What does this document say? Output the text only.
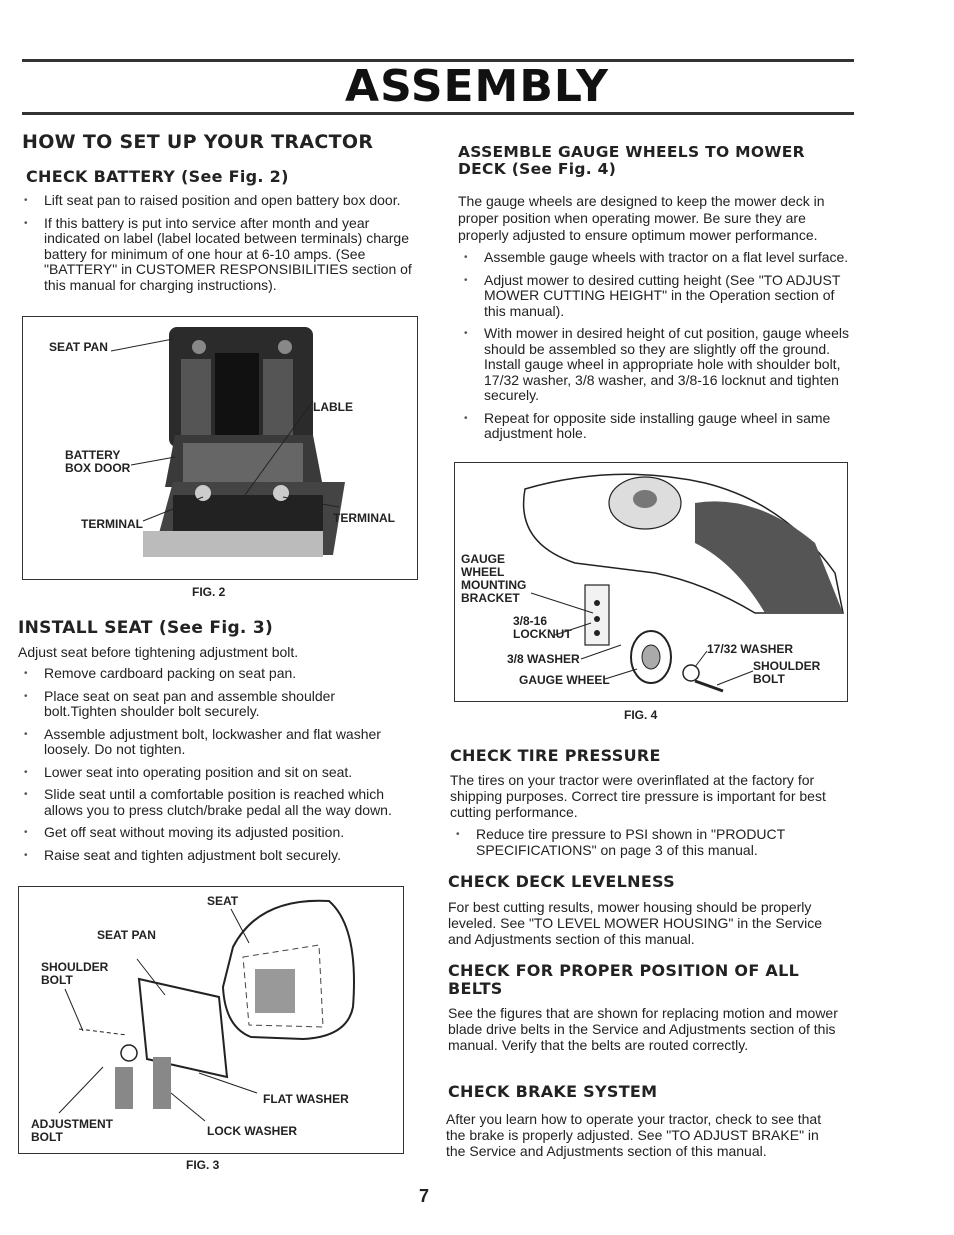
ASSEMBLY
HOW TO SET UP YOUR TRACTOR
CHECK BATTERY (See Fig. 2)
• Lift seat pan to raised position and open battery box door.
• If this battery is put into service after month and year indicated on label (label located between terminals) charge battery for minimum of one hour at 6-10 amps. (See "BATTERY" in CUSTOMER RESPONSIBILITIES section of this manual for charging instructions).
SEAT PAN
LABLE
BATTERY
BOX DOOR
TERMINAL	TERMINAL
FIG. 2
INSTALL SEAT (See Fig. 3)
Adjust seat before tightening adjustment bolt.
• Remove cardboard packing on seat pan.
• Place seat on seat pan and assemble shoulder bolt.Tighten shoulder bolt securely.
• Assemble adjustment bolt, lockwasher and flat washer loosely. Do not tighten.
• Lower seat into operating position and sit on seat.
• Slide seat until a comfortable position is reached which allows you to press clutch/brake pedal all the way down.
• Get off seat without moving its adjusted position.
• Raise seat and tighten adjustment bolt securely.
SEAT
SEAT PAN
SHOULDER
BOLT
FLAT WASHER
ADJUSTMENT
BOLT	LOCK WASHER
FIG. 3
ASSEMBLE GAUGE WHEELS TO MOWER
DECK (See Fig. 4)
The gauge wheels are designed to keep the mower deck in proper position when operating mower. Be sure they are properly adjusted to ensure optimum mower performance.
• Assemble gauge wheels with tractor on a flat level surface.
• Adjust mower to desired cutting height (See "TO ADJUST MOWER CUTTING HEIGHT" in the Operation section of this manual).
• With mower in desired height of cut position, gauge wheels should be assembled so they are slightly off the ground. Install gauge wheel in appropriate hole with shoulder bolt, 17/32 washer, 3/8 washer, and 3/8-16 locknut and tighten securely.
• Repeat for opposite side installing gauge wheel in same adjustment hole.
GAUGE
WHEEL
MOUNTING
BRACKET
3/8-16
LOCKNUT
3/8 WASHER
GAUGE WHEEL
17/32 WASHER
SHOULDER
BOLT
FIG. 4
CHECK TIRE PRESSURE
The tires on your tractor were overinflated at the factory for shipping purposes. Correct tire pressure is important for best cutting performance.
• Reduce tire pressure to PSI shown in "PRODUCT SPECIFICATIONS" on page 3 of this manual.
CHECK DECK LEVELNESS
For best cutting results, mower housing should be properly leveled. See "TO LEVEL MOWER HOUSING" in the Service and Adjustments section of this manual.
CHECK FOR PROPER POSITION OF ALL
BELTS
See the figures that are shown for replacing motion and mower blade drive belts in the Service and Adjustments section of this manual. Verify that the belts are routed correctly.
CHECK BRAKE SYSTEM
After you learn how to operate your tractor, check to see that the brake is properly adjusted. See "TO ADJUST BRAKE" in the Service and Adjustments section of this manual.
7
